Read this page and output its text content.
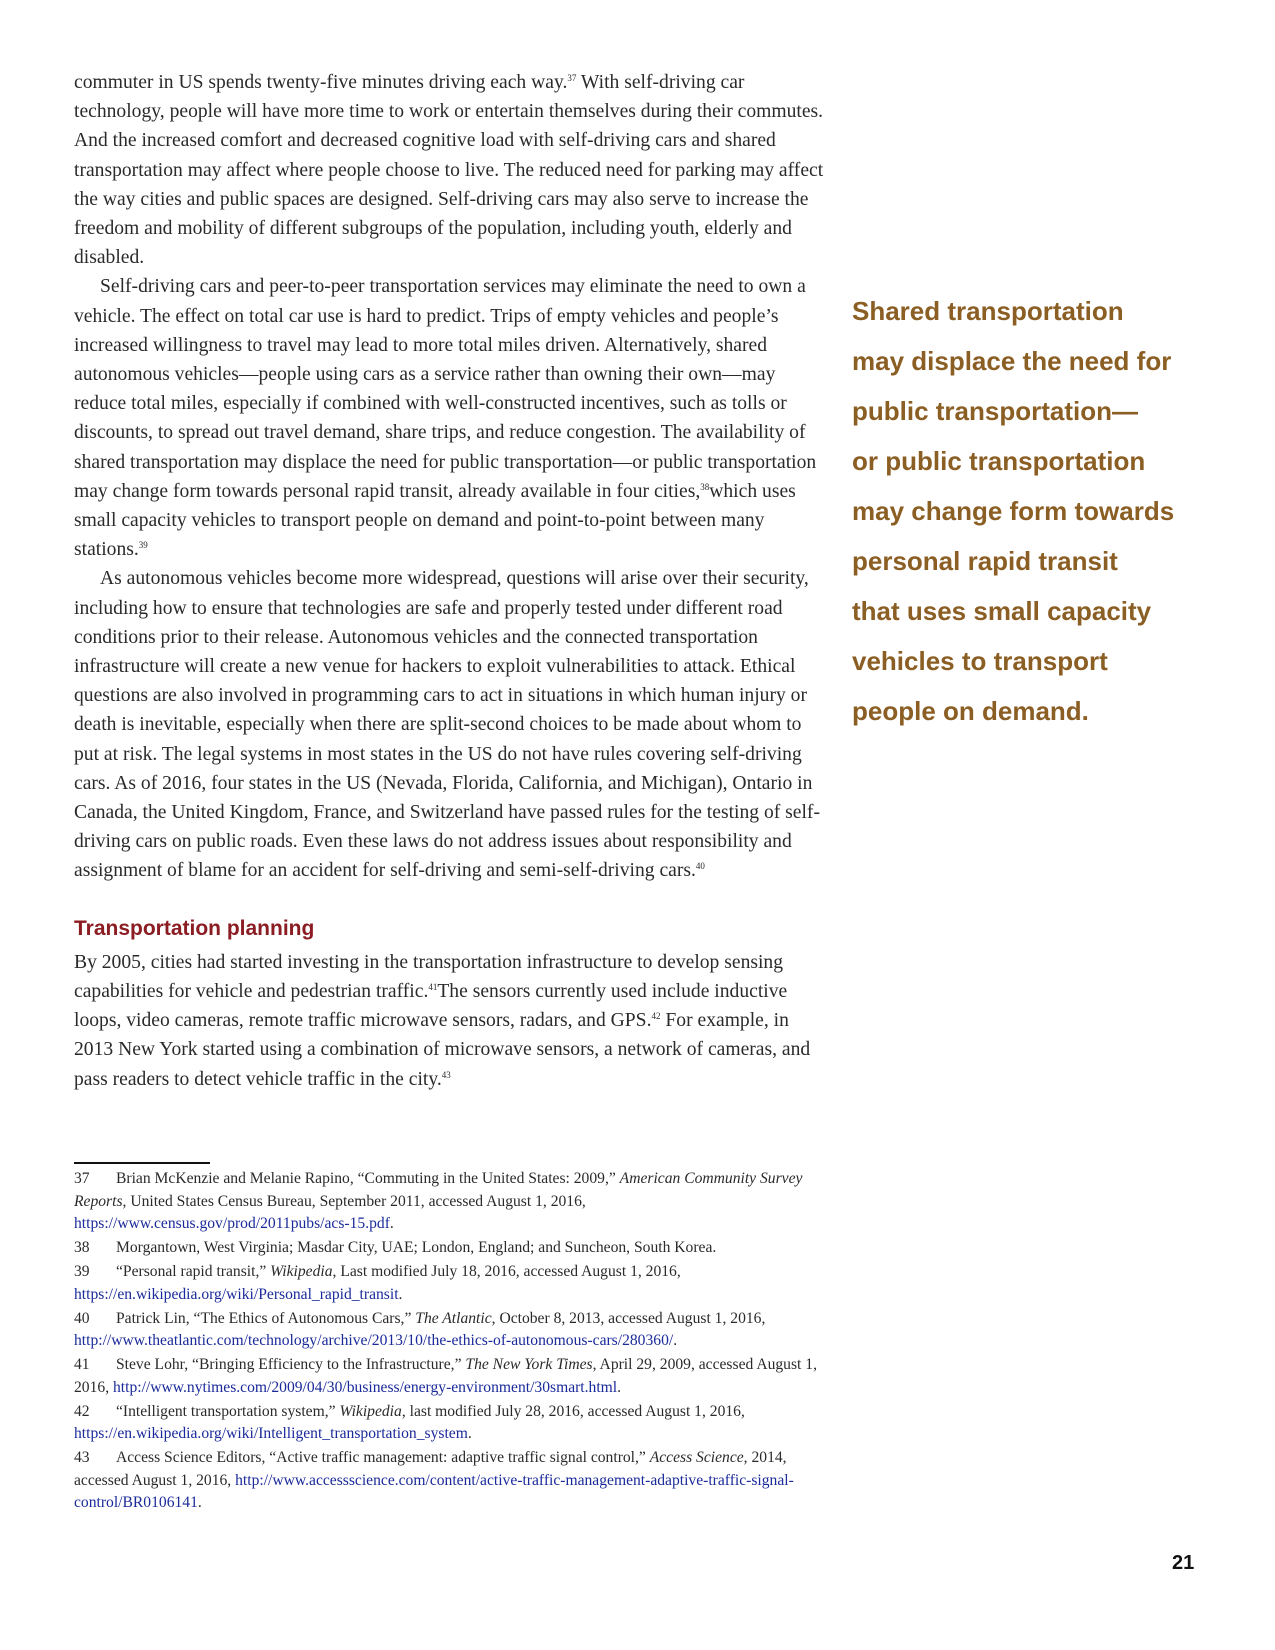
commuter in US spends twenty-five minutes driving each way.$^{37}$ With self-driving car technology, people will have more time to work or entertain themselves during their commutes. And the increased comfort and decreased cognitive load with self-driving cars and shared transportation may affect where people choose to live. The reduced need for parking may affect the way cities and public spaces are designed. Self-driving cars may also serve to increase the freedom and mobility of different subgroups of the population, including youth, elderly and disabled.

Self-driving cars and peer-to-peer transportation services may eliminate the need to own a vehicle. The effect on total car use is hard to predict. Trips of empty vehicles and people’s increased willingness to travel may lead to more total miles driven. Alternatively, shared autonomous vehicles—people using cars as a service rather than owning their own—may reduce total miles, especially if combined with well-constructed incentives, such as tolls or discounts, to spread out travel demand, share trips, and reduce congestion. The availability of shared transportation may displace the need for public transportation—or public transportation may change form towards personal rapid transit, already available in four cities,$^{38}$which uses small capacity vehicles to transport people on demand and point-to-point between many stations.$^{39}$

As autonomous vehicles become more widespread, questions will arise over their security, including how to ensure that technologies are safe and properly tested under different road conditions prior to their release. Autonomous vehicles and the connected transportation infrastructure will create a new venue for hackers to exploit vulnerabilities to attack. Ethical questions are also involved in programming cars to act in situations in which human injury or death is inevitable, especially when there are split-second choices to be made about whom to put at risk. The legal systems in most states in the US do not have rules covering self-driving cars. As of 2016, four states in the US (Nevada, Florida, California, and Michigan), Ontario in Canada, the United Kingdom, France, and Switzerland have passed rules for the testing of self-driving cars on public roads. Even these laws do not address issues about responsibility and assignment of blame for an accident for self-driving and semi-self-driving cars.$^{40}$

Transportation planning

By 2005, cities had started investing in the transportation infrastructure to develop sensing capabilities for vehicle and pedestrian traffic.$^{41}$The sensors currently used include inductive loops, video cameras, remote traffic microwave sensors, radars, and GPS.$^{42}$ For example, in 2013 New York started using a combination of microwave sensors, a network of cameras, and pass readers to detect vehicle traffic in the city.$^{43}$

Shared transportation
may displace the need for
public transportation—
or public transportation
may change form towards
personal rapid transit
that uses small capacity
vehicles to transport
people on demand.

37 Brian McKenzie and Melanie Rapino, “Commuting in the United States: 2009,” American Community Survey Reports, United States Census Bureau, September 2011, accessed August 1, 2016, https://www.census.gov/prod/2011pubs/acs-15.pdf.

38 Morgantown, West Virginia; Masdar City, UAE; London, England; and Suncheon, South Korea.

39 “Personal rapid transit,” Wikipedia, Last modified July 18, 2016, accessed August 1, 2016, https://en.wikipedia.org/wiki/Personal_rapid_transit.

40 Patrick Lin, “The Ethics of Autonomous Cars,” The Atlantic, October 8, 2013, accessed August 1, 2016, http://www.theatlantic.com/technology/archive/2013/10/the-ethics-of-autonomous-cars/280360/.

41 Steve Lohr, “Bringing Efficiency to the Infrastructure,” The New York Times, April 29, 2009, accessed August 1, 2016, http://www.nytimes.com/2009/04/30/business/energy-environment/30smart.html.

42 “Intelligent transportation system,” Wikipedia, last modified July 28, 2016, accessed August 1, 2016, https://en.wikipedia.org/wiki/Intelligent_transportation_system.

43 Access Science Editors, “Active traffic management: adaptive traffic signal control,” Access Science, 2014, accessed August 1, 2016, http://www.accessscience.com/content/active-traffic-management-adaptive-traffic-signal-control/BR0106141.

21
